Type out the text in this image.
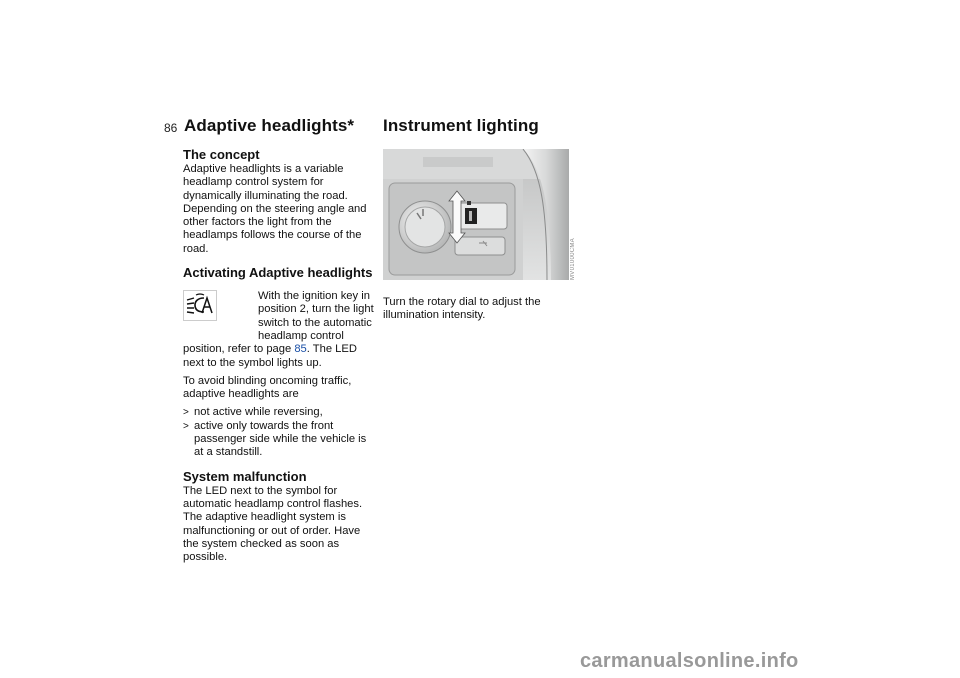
86 Adaptive headlights* Instrument lighting
The concept

Adaptive headlights is a variable headlamp control system for dynamically illuminating the road. Depending on the steering angle and other factors the light from the headlamps follows the course of the road.

Activating Adaptive headlights

With the ignition key in position 2, turn the light switch to the automatic headlamp control

position, refer to page 85. The LED next to the symbol lights up.

To avoid blinding oncoming traffic, adaptive headlights are

> not active while reversing,
> active only towards the front passenger side while the vehicle is at a standstill.
System malfunction

The LED next to the symbol for automatic headlamp control flashes. The adaptive headlight system is malfunctioning or out of order. Have the system checked as soon as possible.

MV01000CMA

Turn the rotary dial to adjust the illumination intensity.

carmanualsonline.info
